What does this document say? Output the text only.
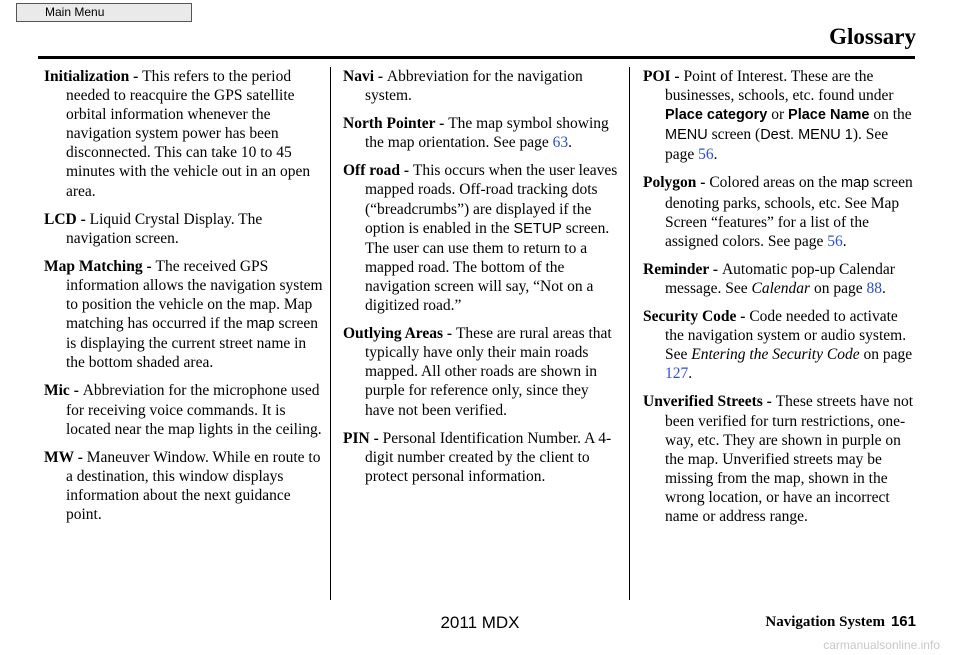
Main Menu
Glossary

Initialization - This refers to the period needed to reacquire the GPS satellite orbital information whenever the navigation system power has been disconnected. This can take 10 to 45 minutes with the vehicle out in an open area.

LCD - Liquid Crystal Display. The navigation screen.

Map Matching - The received GPS information allows the navigation system to position the vehicle on the map. Map matching has occurred if the map screen is displaying the current street name in the bottom shaded area.

Mic - Abbreviation for the microphone used for receiving voice commands. It is located near the map lights in the ceiling.

MW - Maneuver Window. While en route to a destination, this window displays information about the next guidance point.

Navi - Abbreviation for the navigation system.

North Pointer - The map symbol showing the map orientation. See page 63.

Off road - This occurs when the user leaves mapped roads. Off-road tracking dots (“breadcrumbs”) are displayed if the option is enabled in the SETUP screen. The user can use them to return to a mapped road. The bottom of the navigation screen will say, “Not on a digitized road.”

Outlying Areas - These are rural areas that typically have only their main roads mapped. All other roads are shown in purple for reference only, since they have not been verified.

PIN - Personal Identification Number. A 4-digit number created by the client to protect personal information.

POI - Point of Interest. These are the businesses, schools, etc. found under Place category or Place Name on the MENU screen (Dest. MENU 1). See page 56.

Polygon - Colored areas on the map screen denoting parks, schools, etc. See Map Screen “features” for a list of the assigned colors. See page 56.

Reminder - Automatic pop-up Calendar message. See Calendar on page 88.

Security Code - Code needed to activate the navigation system or audio system. See Entering the Security Code on page 127.

Unverified Streets - These streets have not been verified for turn restrictions, one-way, etc. They are shown in purple on the map. Unverified streets may be missing from the map, shown in the wrong location, or have an incorrect name or address range.

2011 MDX	Navigation System 161
carmanualsonline.info
